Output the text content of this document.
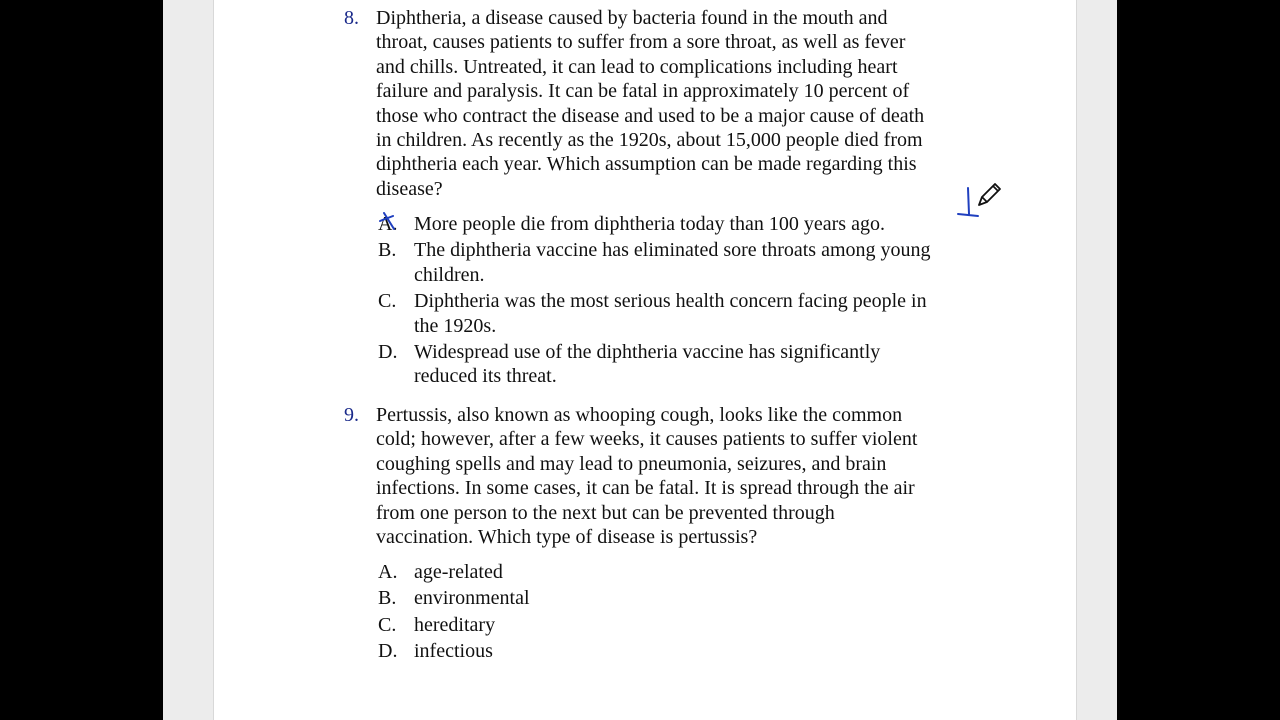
8. Diphtheria, a disease caused by bacteria found in the mouth and
throat, causes patients to suffer from a sore throat, as well as fever
and chills. Untreated, it can lead to complications including heart
failure and paralysis. It can be fatal in approximately 10 percent of
those who contract the disease and used to be a major cause of death
in children. As recently as the 1920s, about 15,000 people died from
diphtheria each year. Which assumption can be made regarding this
disease?
A. More people die from diphtheria today than 100 years ago.
B. The diphtheria vaccine has eliminated sore throats among young
children.
C. Diphtheria was the most serious health concern facing people in
the 1920s.
D. Widespread use of the diphtheria vaccine has significantly
reduced its threat.
9. Pertussis, also known as whooping cough, looks like the common
cold; however, after a few weeks, it causes patients to suffer violent
coughing spells and may lead to pneumonia, seizures, and brain
infections. In some cases, it can be fatal. It is spread through the air
from one person to the next but can be prevented through
vaccination. Which type of disease is pertussis?
A. age-related
B. environmental
C. hereditary
D. infectious
